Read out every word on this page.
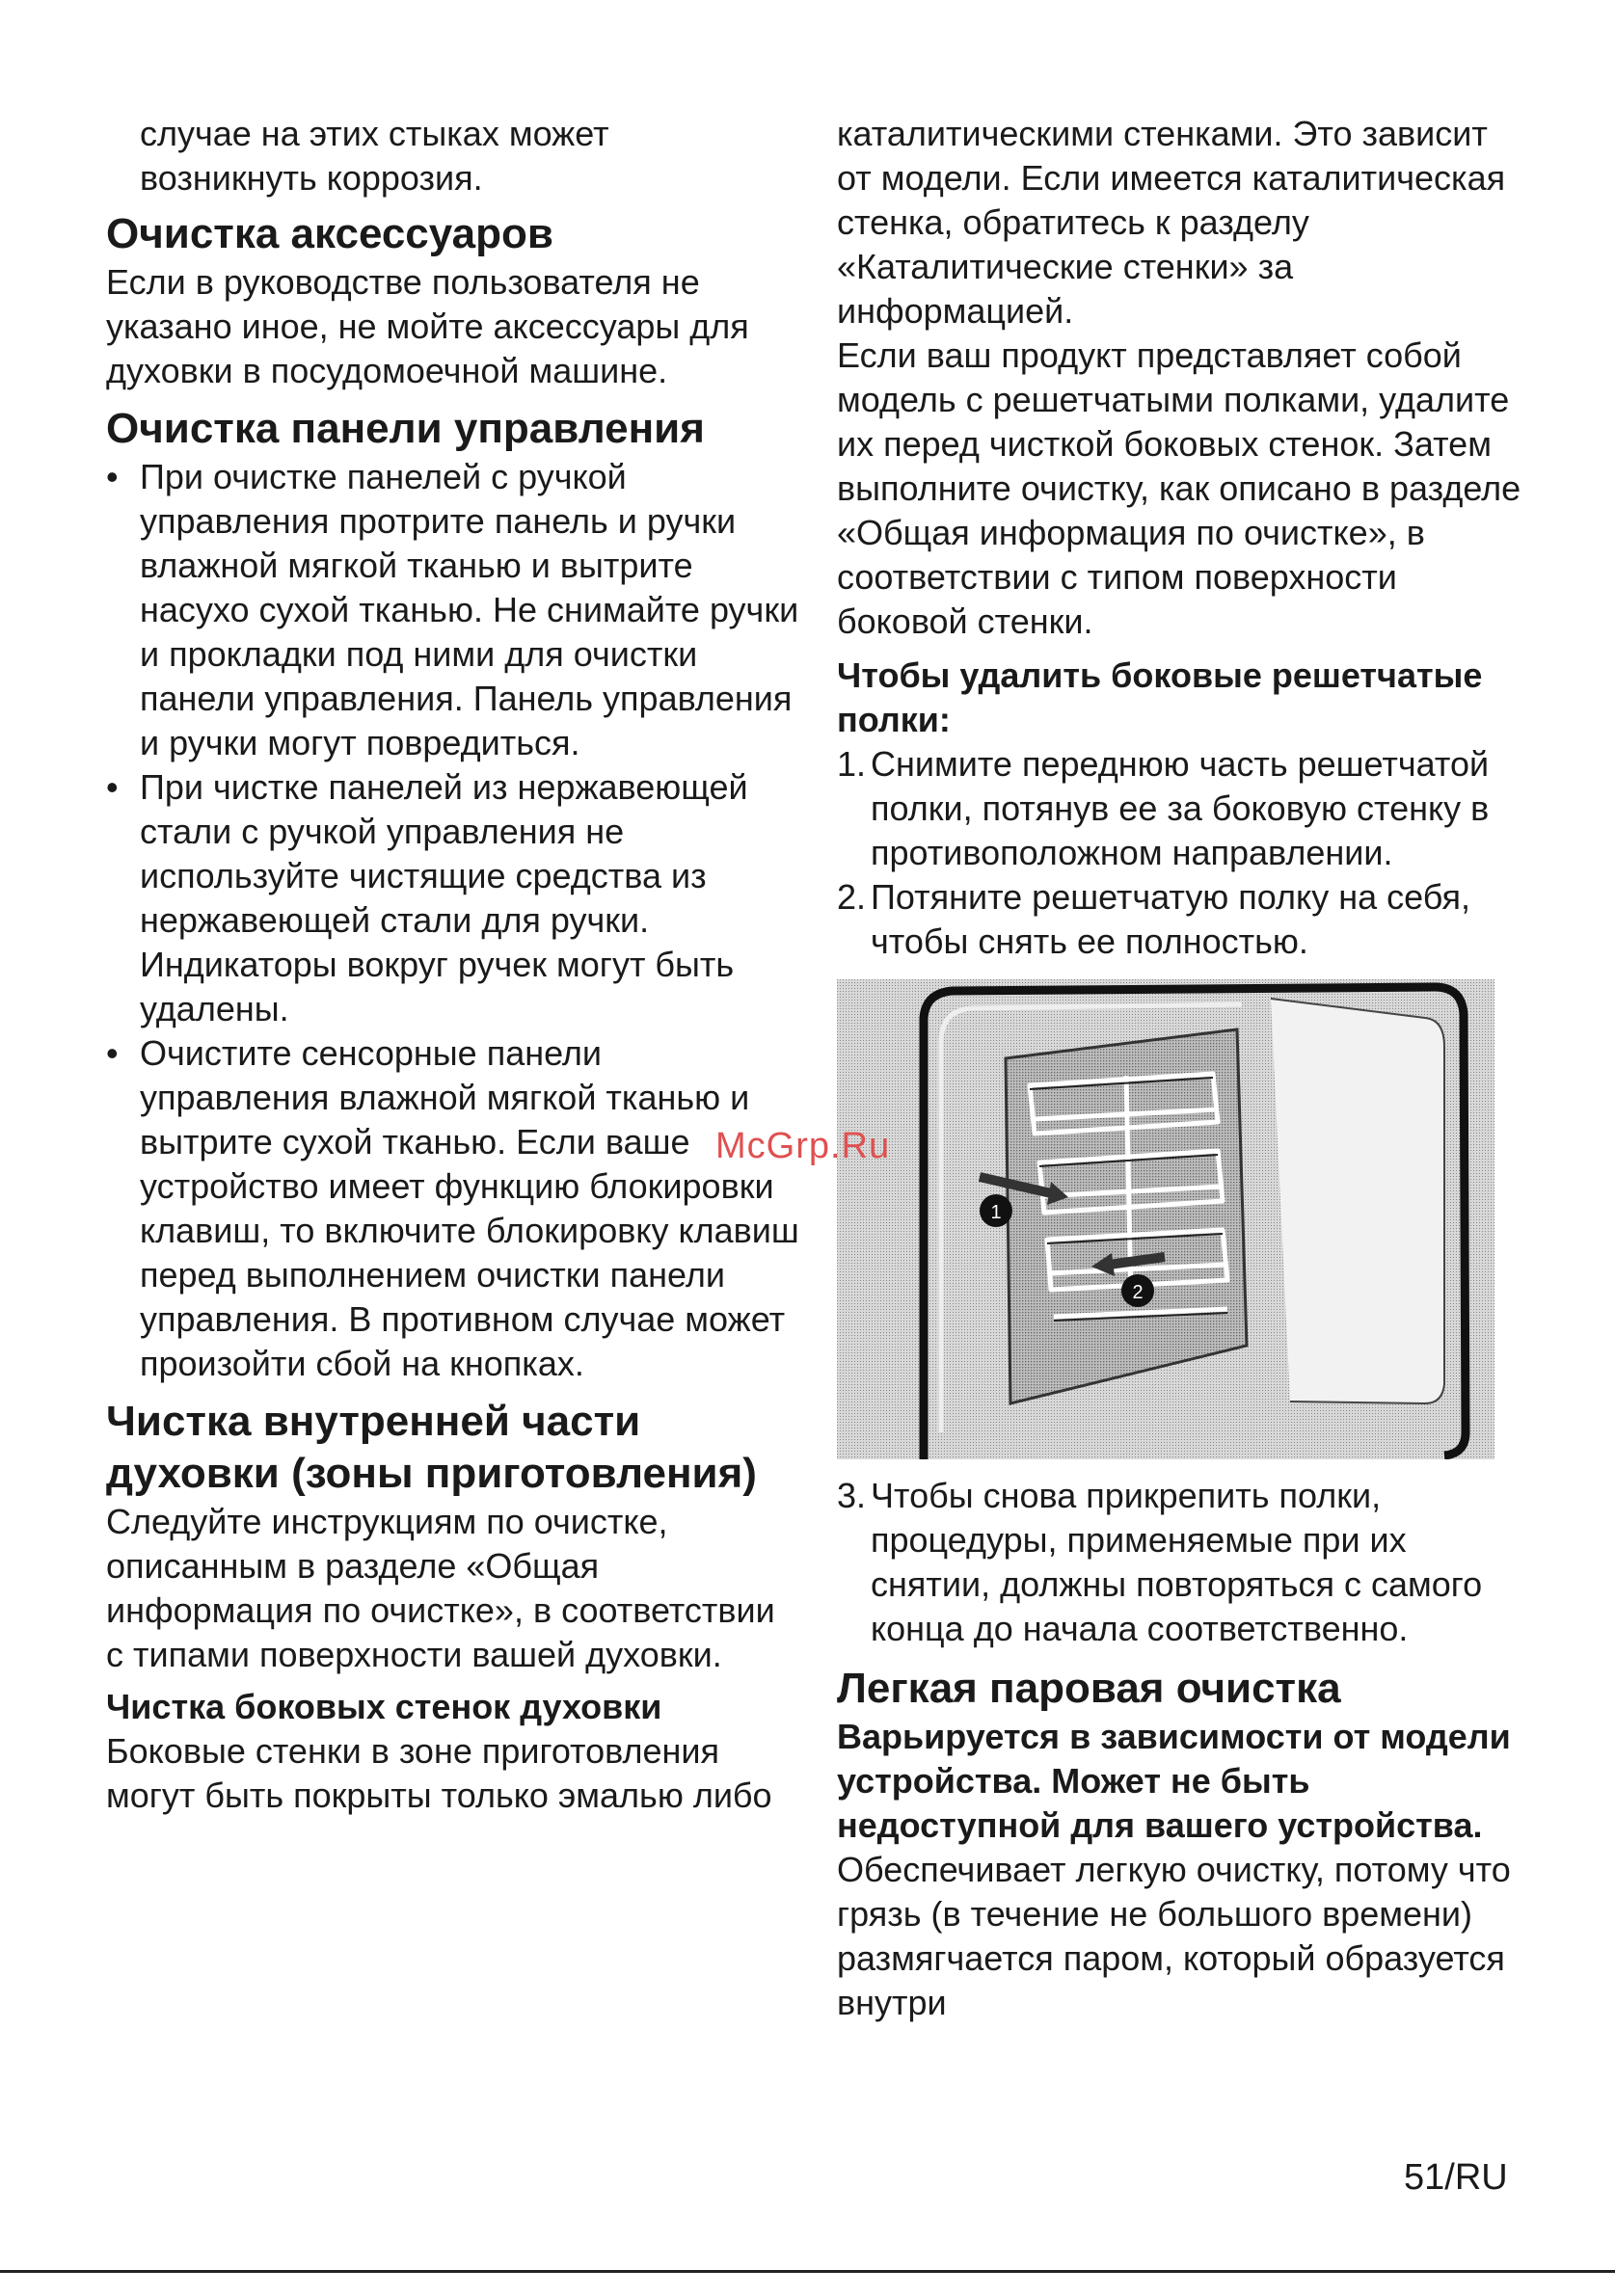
случае на этих стыках может

возникнуть коррозия.

Очистка аксессуаров

Если в руководстве пользователя не указано иное, не мойте аксессуары для духовки в посудомоечной машине.

Очистка панели управления
• При очистке панелей с ручкой управления протрите панель и ручки влажной мягкой тканью и вытрите насухо сухой тканью. Не снимайте ручки и прокладки под ними для очистки панели управления. Панель управления и ручки могут повредиться.
• При чистке панелей из нержавеющей стали с ручкой управления не используйте чистящие средства из нержавеющей стали для ручки. Индикаторы вокруг ручек могут быть удалены.
• Очистите сенсорные панели управления влажной мягкой тканью и вытрите сухой тканью. Если ваше устройство имеет функцию блокировки клавиш, то включите блокировку клавиш перед выполнением очистки панели управления. В противном случае может произойти сбой на кнопках.
Чистка внутренней части духовки (зоны приготовления)

Следуйте инструкциям по очистке, описанным в разделе «Общая информация по очистке», в соответствии с типами поверхности вашей духовки.

Чистка боковых стенок духовки

Боковые стенки в зоне приготовления могут быть покрыты только эмалью либо

каталитическими стенками. Это зависит от модели. Если имеется каталитическая стенка, обратитесь к разделу «Каталитические стенки» за информацией.

Если ваш продукт представляет собой модель с решетчатыми полками, удалите их перед чисткой боковых стенок. Затем выполните очистку, как описано в разделе «Общая информация по очистке», в соответствии с типом поверхности боковой стенки.

Чтобы удалить боковые решетчатые полки:
1. Снимите переднюю часть решетчатой полки, потянув ее за боковую стенку в противоположном направлении.
2. Потяните решетчатую полку на себя, чтобы снять ее полностью.
1
2
3. Чтобы снова прикрепить полки, процедуры, применяемые при их снятии, должны повторяться с самого конца до начала соответственно.
Легкая паровая очистка
Варьируется в зависимости от модели устройства. Может не быть недоступной для вашего устройства.

Обеспечивает легкую очистку, потому что грязь (в течение не большого времени) размягчается паром, который образуется внутри

McGrp.Ru
51/RU
